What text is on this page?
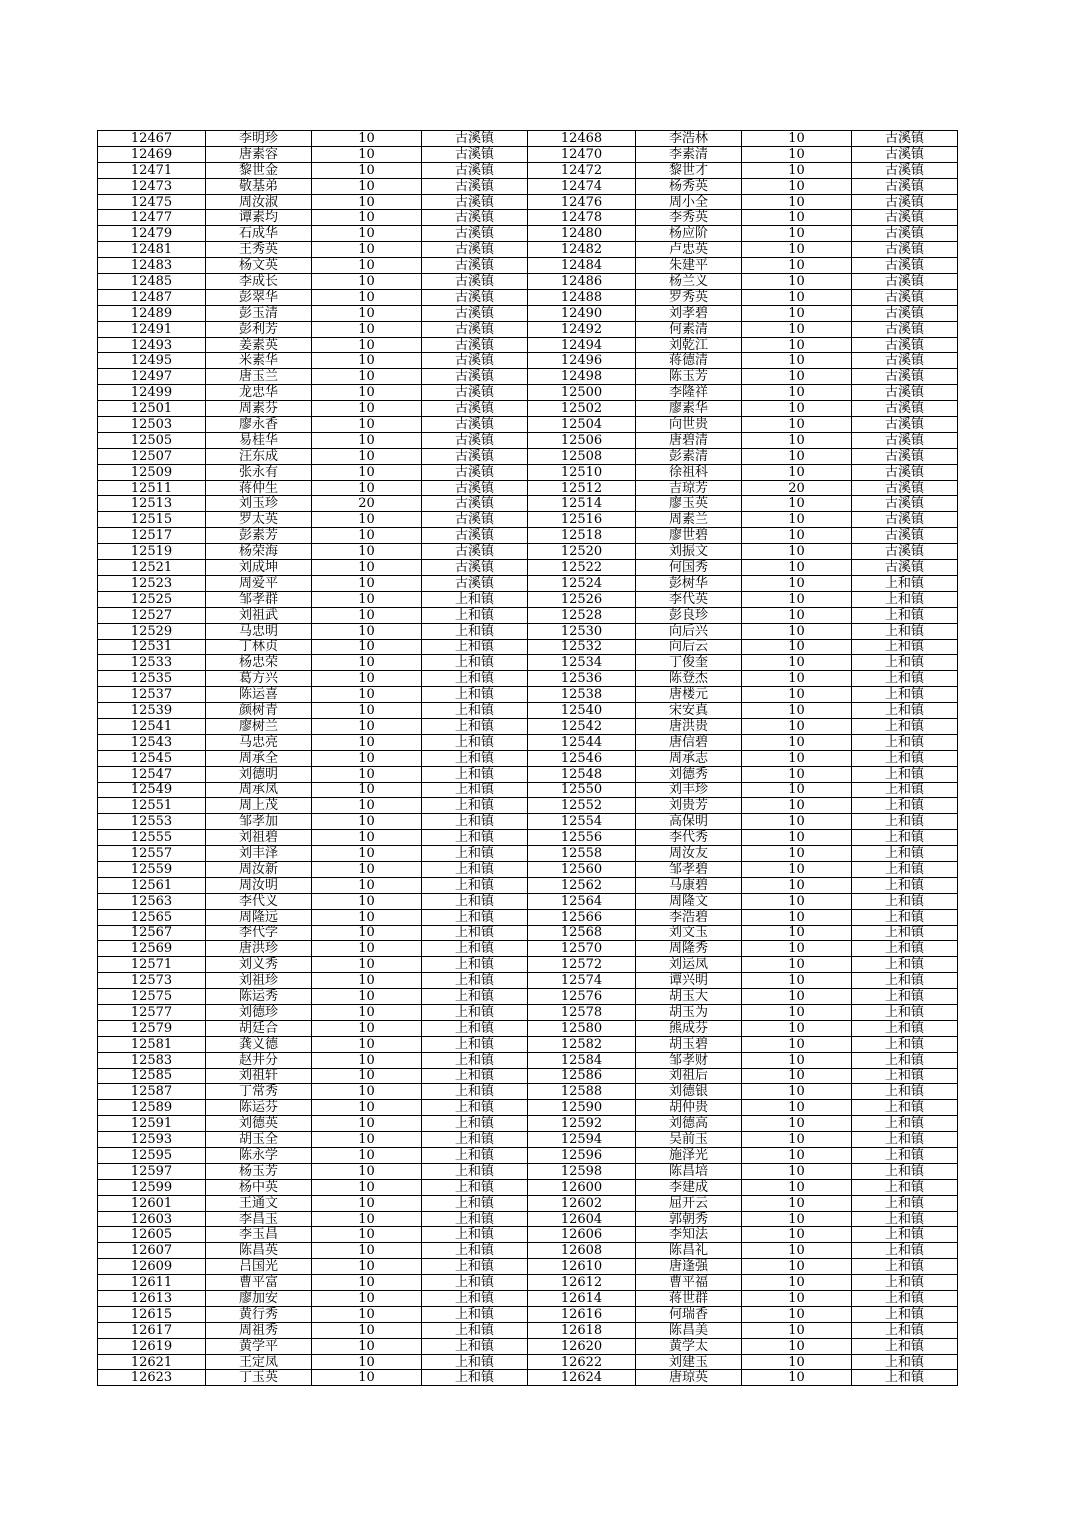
12467	李明珍	10	古溪镇	12468	李浩林	10	古溪镇
12469	唐素容	10	古溪镇	12470	李素清	10	古溪镇
12471	黎世金	10	古溪镇	12472	黎世才	10	古溪镇
12473	敬基弟	10	古溪镇	12474	杨秀英	10	古溪镇
12475	周汝淑	10	古溪镇	12476	周小全	10	古溪镇
12477	谭素均	10	古溪镇	12478	李秀英	10	古溪镇
12479	石成华	10	古溪镇	12480	杨应阶	10	古溪镇
12481	王秀英	10	古溪镇	12482	卢忠英	10	古溪镇
12483	杨文英	10	古溪镇	12484	朱建平	10	古溪镇
12485	李成长	10	古溪镇	12486	杨兰义	10	古溪镇
12487	彭翠华	10	古溪镇	12488	罗秀英	10	古溪镇
12489	彭玉清	10	古溪镇	12490	刘孝碧	10	古溪镇
12491	彭利芳	10	古溪镇	12492	何素清	10	古溪镇
12493	姜素英	10	古溪镇	12494	刘乾江	10	古溪镇
12495	米素华	10	古溪镇	12496	蒋德清	10	古溪镇
12497	唐玉兰	10	古溪镇	12498	陈玉芳	10	古溪镇
12499	龙忠华	10	古溪镇	12500	李隆祥	10	古溪镇
12501	周素芬	10	古溪镇	12502	廖素华	10	古溪镇
12503	廖永香	10	古溪镇	12504	向世贵	10	古溪镇
12505	易桂华	10	古溪镇	12506	唐碧清	10	古溪镇
12507	汪东成	10	古溪镇	12508	彭素清	10	古溪镇
12509	张永有	10	古溪镇	12510	徐祖科	10	古溪镇
12511	蒋仲生	10	古溪镇	12512	吉琼芳	20	古溪镇
12513	刘玉珍	20	古溪镇	12514	廖玉英	10	古溪镇
12515	罗太英	10	古溪镇	12516	周素兰	10	古溪镇
12517	彭素芳	10	古溪镇	12518	廖世碧	10	古溪镇
12519	杨荣海	10	古溪镇	12520	刘振文	10	古溪镇
12521	刘成坤	10	古溪镇	12522	何国秀	10	古溪镇
12523	周爱平	10	古溪镇	12524	彭树华	10	上和镇
12525	邹孝群	10	上和镇	12526	李代英	10	上和镇
12527	刘祖武	10	上和镇	12528	彭良珍	10	上和镇
12529	马忠明	10	上和镇	12530	向后兴	10	上和镇
12531	丁林贞	10	上和镇	12532	向后云	10	上和镇
12533	杨忠荣	10	上和镇	12534	丁俊奎	10	上和镇
12535	葛方兴	10	上和镇	12536	陈登杰	10	上和镇
12537	陈运喜	10	上和镇	12538	唐楼元	10	上和镇
12539	颜树青	10	上和镇	12540	宋安真	10	上和镇
12541	廖树兰	10	上和镇	12542	唐洪贵	10	上和镇
12543	马忠亮	10	上和镇	12544	唐信碧	10	上和镇
12545	周承全	10	上和镇	12546	周承志	10	上和镇
12547	刘德明	10	上和镇	12548	刘德秀	10	上和镇
12549	周承凤	10	上和镇	12550	刘丰珍	10	上和镇
12551	周上茂	10	上和镇	12552	刘贵芳	10	上和镇
12553	邹孝加	10	上和镇	12554	高保明	10	上和镇
12555	刘祖碧	10	上和镇	12556	李代秀	10	上和镇
12557	刘丰泽	10	上和镇	12558	周汝友	10	上和镇
12559	周汝新	10	上和镇	12560	邹孝碧	10	上和镇
12561	周汝明	10	上和镇	12562	马康碧	10	上和镇
12563	李代义	10	上和镇	12564	周隆文	10	上和镇
12565	周隆远	10	上和镇	12566	李浩碧	10	上和镇
12567	李代学	10	上和镇	12568	刘文玉	10	上和镇
12569	唐洪珍	10	上和镇	12570	周隆秀	10	上和镇
12571	刘义秀	10	上和镇	12572	刘运凤	10	上和镇
12573	刘祖珍	10	上和镇	12574	谭兴明	10	上和镇
12575	陈运秀	10	上和镇	12576	胡玉大	10	上和镇
12577	刘德珍	10	上和镇	12578	胡玉为	10	上和镇
12579	胡廷合	10	上和镇	12580	熊成芬	10	上和镇
12581	龚义德	10	上和镇	12582	胡玉碧	10	上和镇
12583	赵井分	10	上和镇	12584	邹孝财	10	上和镇
12585	刘祖轩	10	上和镇	12586	刘祖后	10	上和镇
12587	丁常秀	10	上和镇	12588	刘德银	10	上和镇
12589	陈运芬	10	上和镇	12590	胡仲贵	10	上和镇
12591	刘德英	10	上和镇	12592	刘德高	10	上和镇
12593	胡玉全	10	上和镇	12594	吴前玉	10	上和镇
12595	陈永学	10	上和镇	12596	施泽光	10	上和镇
12597	杨玉芳	10	上和镇	12598	陈昌培	10	上和镇
12599	杨中英	10	上和镇	12600	李建成	10	上和镇
12601	王通文	10	上和镇	12602	屈开云	10	上和镇
12603	李昌玉	10	上和镇	12604	郭朝秀	10	上和镇
12605	李玉昌	10	上和镇	12606	李知法	10	上和镇
12607	陈昌英	10	上和镇	12608	陈昌礼	10	上和镇
12609	吕国光	10	上和镇	12610	唐逢强	10	上和镇
12611	曹平富	10	上和镇	12612	曹平福	10	上和镇
12613	廖加安	10	上和镇	12614	蒋世群	10	上和镇
12615	黄行秀	10	上和镇	12616	何瑞香	10	上和镇
12617	周祖秀	10	上和镇	12618	陈昌美	10	上和镇
12619	黄学平	10	上和镇	12620	黄学太	10	上和镇
12621	王定凤	10	上和镇	12622	刘建玉	10	上和镇
12623	丁玉英	10	上和镇	12624	唐琼英	10	上和镇
